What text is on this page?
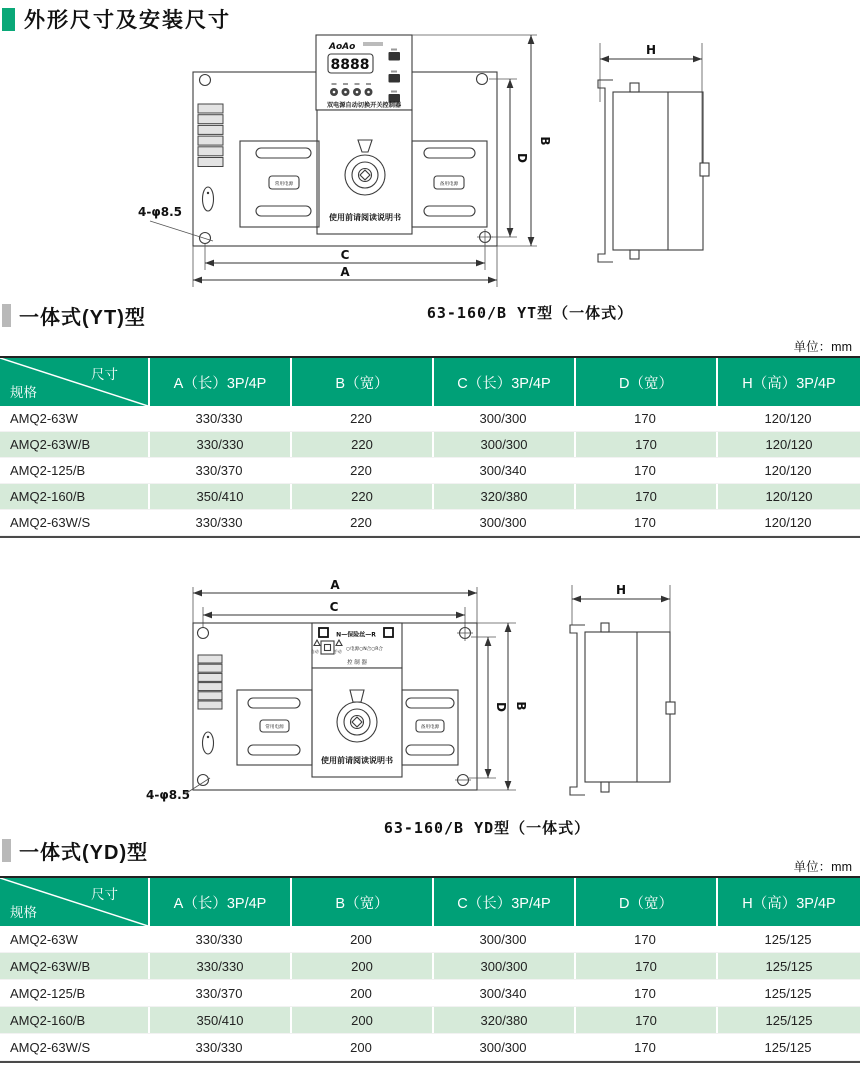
外形尺寸及安装尺寸
AoAo
8888
双电源自动切换开关控制器
使用前请阅读说明书
常用电源	备用电源
D
B
C
A
4-φ8.5
H
一体式(YT)型	63-160/B YT型（一体式）
单位：mm
尺寸
规格
A（长）3P/4P	B（宽）	C（长）3P/4P	D（宽）	H（高）3P/4P
AMQ2-63W	330/330	220	300/300	170	120/120
AMQ2-63W/B	330/330	220	300/300	170	120/120
AMQ2-125/B	330/370	220	300/340	170	120/120
AMQ2-160/B	350/410	220	320/380	170	120/120
AMQ2-63W/S	330/330	220	300/300	170	120/120
A
C
N—保险丝—R
自动	手动 ○电源○N合○R合
控 制 器
使用前请阅读说明书
常用电源	备用电源
D B
4-φ8.5
H
63-160/B YD型（一体式）
一体式(YD)型
单位：mm
尺寸
规格
A（长）3P/4P	B（宽）	C（长）3P/4P	D（宽）	H（高）3P/4P
AMQ2-63W	330/330	200	300/300	170	125/125
AMQ2-63W/B	330/330	200	300/300	170	125/125
AMQ2-125/B	330/370	200	300/340	170	125/125
AMQ2-160/B	350/410	200	320/380	170	125/125
AMQ2-63W/S	330/330	200	300/300	170	125/125
